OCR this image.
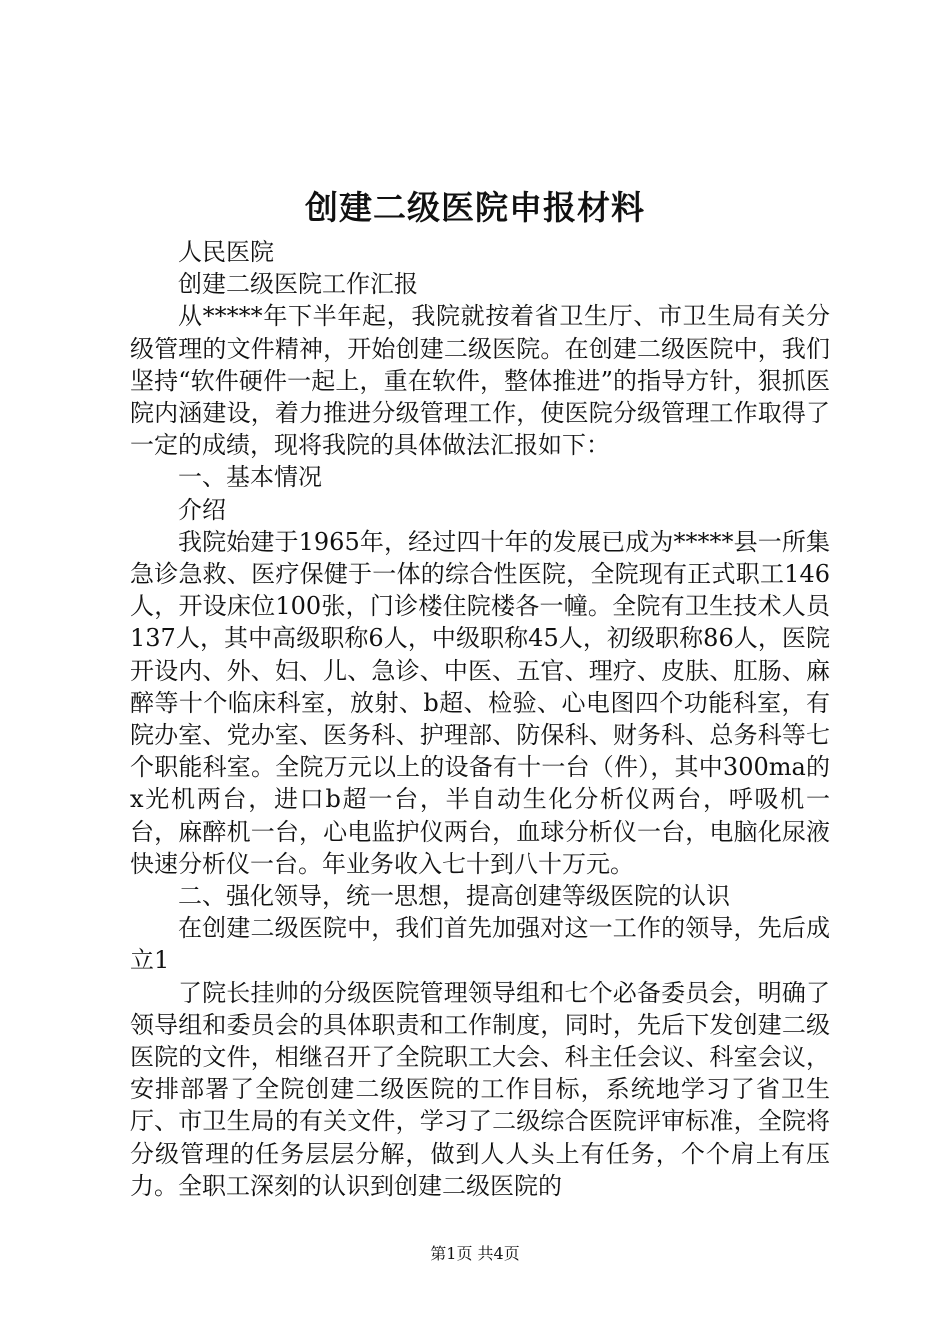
创建二级医院申报材料

人民医院

创建二级医院工作汇报

从*****年下半年起，我院就按着省卫生厅、市卫生局有关分级管理的文件精神，开始创建二级医院。在创建二级医院中，我们坚持“软件硬件一起上，重在软件，整体推进”的指导方针，狠抓医院内涵建设，着力推进分级管理工作，使医院分级管理工作取得了一定的成绩，现将我院的具体做法汇报如下：

一、基本情况

介绍

我院始建于1965年，经过四十年的发展已成为*****县一所集急诊急救、医疗保健于一体的综合性医院，全院现有正式职工146人，开设床位100张，门诊楼住院楼各一幢。全院有卫生技术人员137人，其中高级职称6人，中级职称45人，初级职称86人，医院开设内、外、妇、儿、急诊、中医、五官、理疗、皮肤、肛肠、麻醉等十个临床科室，放射、b超、检验、心电图四个功能科室，有院办室、党办室、医务科、护理部、防保科、财务科、总务科等七个职能科室。全院万元以上的设备有十一台（件），其中300ma的x光机两台，进口b超一台，半自动生化分析仪两台，呼吸机一台，麻醉机一台，心电监护仪两台，血球分析仪一台，电脑化尿液快速分析仪一台。年业务收入七十到八十万元。

二、强化领导，统一思想，提高创建等级医院的认识

在创建二级医院中，我们首先加强对这一工作的领导，先后成立1

了院长挂帅的分级医院管理领导组和七个必备委员会，明确了领导组和委员会的具体职责和工作制度，同时，先后下发创建二级医院的文件，相继召开了全院职工大会、科主任会议、科室会议，安排部署了全院创建二级医院的工作目标，系统地学习了省卫生厅、市卫生局的有关文件，学习了二级综合医院评审标准，全院将分级管理的任务层层分解，做到人人头上有任务，个个肩上有压力。全职工深刻的认识到创建二级医院的

第1页 共4页
